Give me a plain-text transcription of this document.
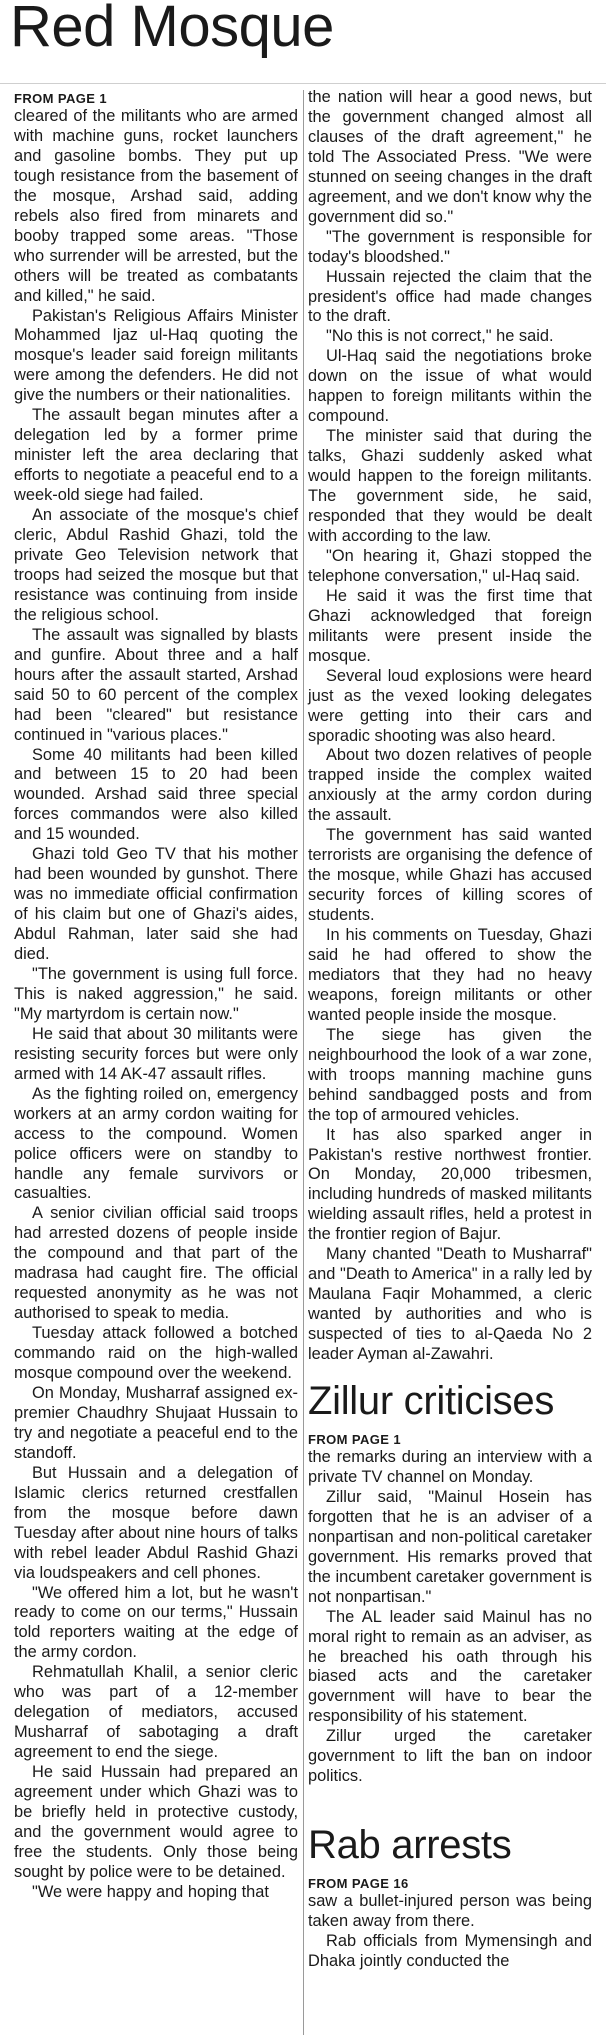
Red Mosque
FROM PAGE 1

cleared of the militants who are armed with machine guns, rocket launchers and gasoline bombs. They put up tough resistance from the basement of the mosque, Arshad said, adding rebels also fired from minarets and booby trapped some areas. "Those who surrender will be arrested, but the others will be treated as combatants and killed," he said.

Pakistan's Religious Affairs Minister Mohammed Ijaz ul-Haq quoting the mosque's leader said foreign militants were among the defenders. He did not give the numbers or their nationalities.

The assault began minutes after a delegation led by a former prime minister left the area declaring that efforts to negotiate a peaceful end to a week-old siege had failed.

An associate of the mosque's chief cleric, Abdul Rashid Ghazi, told the private Geo Television network that troops had seized the mosque but that resistance was continuing from inside the religious school.

The assault was signalled by blasts and gunfire. About three and a half hours after the assault started, Arshad said 50 to 60 percent of the complex had been "cleared" but resistance continued in "various places."

Some 40 militants had been killed and between 15 to 20 had been wounded. Arshad said three special forces commandos were also killed and 15 wounded.

Ghazi told Geo TV that his mother had been wounded by gunshot. There was no immediate official confirmation of his claim but one of Ghazi's aides, Abdul Rahman, later said she had died.

"The government is using full force. This is naked aggression," he said. "My martyrdom is certain now."

He said that about 30 militants were resisting security forces but were only armed with 14 AK-47 assault rifles.

As the fighting roiled on, emergency workers at an army cordon waiting for access to the compound. Women police officers were on standby to handle any female survivors or casualties.

A senior civilian official said troops had arrested dozens of people inside the compound and that part of the madrasa had caught fire. The official requested anonymity as he was not authorised to speak to media.

Tuesday attack followed a botched commando raid on the high-walled mosque compound over the weekend.

On Monday, Musharraf assigned ex-premier Chaudhry Shujaat Hussain to try and negotiate a peaceful end to the standoff.

But Hussain and a delegation of Islamic clerics returned crestfallen from the mosque before dawn Tuesday after about nine hours of talks with rebel leader Abdul Rashid Ghazi via loudspeakers and cell phones.

"We offered him a lot, but he wasn't ready to come on our terms," Hussain told reporters waiting at the edge of the army cordon.

Rehmatullah Khalil, a senior cleric who was part of a 12-member delegation of mediators, accused Musharraf of sabotaging a draft agreement to end the siege.

He said Hussain had prepared an agreement under which Ghazi was to be briefly held in protective custody, and the government would agree to free the students. Only those being sought by police were to be detained.

"We were happy and hoping that

the nation will hear a good news, but the government changed almost all clauses of the draft agreement," he told The Associated Press. "We were stunned on seeing changes in the draft agreement, and we don't know why the government did so."

"The government is responsible for today's bloodshed."

Hussain rejected the claim that the president's office had made changes to the draft.

"No this is not correct," he said.

Ul-Haq said the negotiations broke down on the issue of what would happen to foreign militants within the compound.

The minister said that during the talks, Ghazi suddenly asked what would happen to the foreign militants. The government side, he said, responded that they would be dealt with according to the law.

"On hearing it, Ghazi stopped the telephone conversation," ul-Haq said.

He said it was the first time that Ghazi acknowledged that foreign militants were present inside the mosque.

Several loud explosions were heard just as the vexed looking delegates were getting into their cars and sporadic shooting was also heard.

About two dozen relatives of people trapped inside the complex waited anxiously at the army cordon during the assault.

The government has said wanted terrorists are organising the defence of the mosque, while Ghazi has accused security forces of killing scores of students.

In his comments on Tuesday, Ghazi said he had offered to show the mediators that they had no heavy weapons, foreign militants or other wanted people inside the mosque.

The siege has given the neighbourhood the look of a war zone, with troops manning machine guns behind sandbagged posts and from the top of armoured vehicles.

It has also sparked anger in Pakistan's restive northwest frontier. On Monday, 20,000 tribesmen, including hundreds of masked militants wielding assault rifles, held a protest in the frontier region of Bajur.

Many chanted "Death to Musharraf" and "Death to America" in a rally led by Maulana Faqir Mohammed, a cleric wanted by authorities and who is suspected of ties to al-Qaeda No 2 leader Ayman al-Zawahri.

Zillur criticises
FROM PAGE 1

the remarks during an interview with a private TV channel on Monday.

Zillur said, "Mainul Hosein has forgotten that he is an adviser of a nonpartisan and non-political caretaker government. His remarks proved that the incumbent caretaker government is not nonpartisan."

The AL leader said Mainul has no moral right to remain as an adviser, as he breached his oath through his biased acts and the caretaker government will have to bear the responsibility of his statement.

Zillur urged the caretaker government to lift the ban on indoor politics.

Rab arrests
FROM PAGE 16

saw a bullet-injured person was being taken away from there.

Rab officials from Mymensingh and Dhaka jointly conducted the
